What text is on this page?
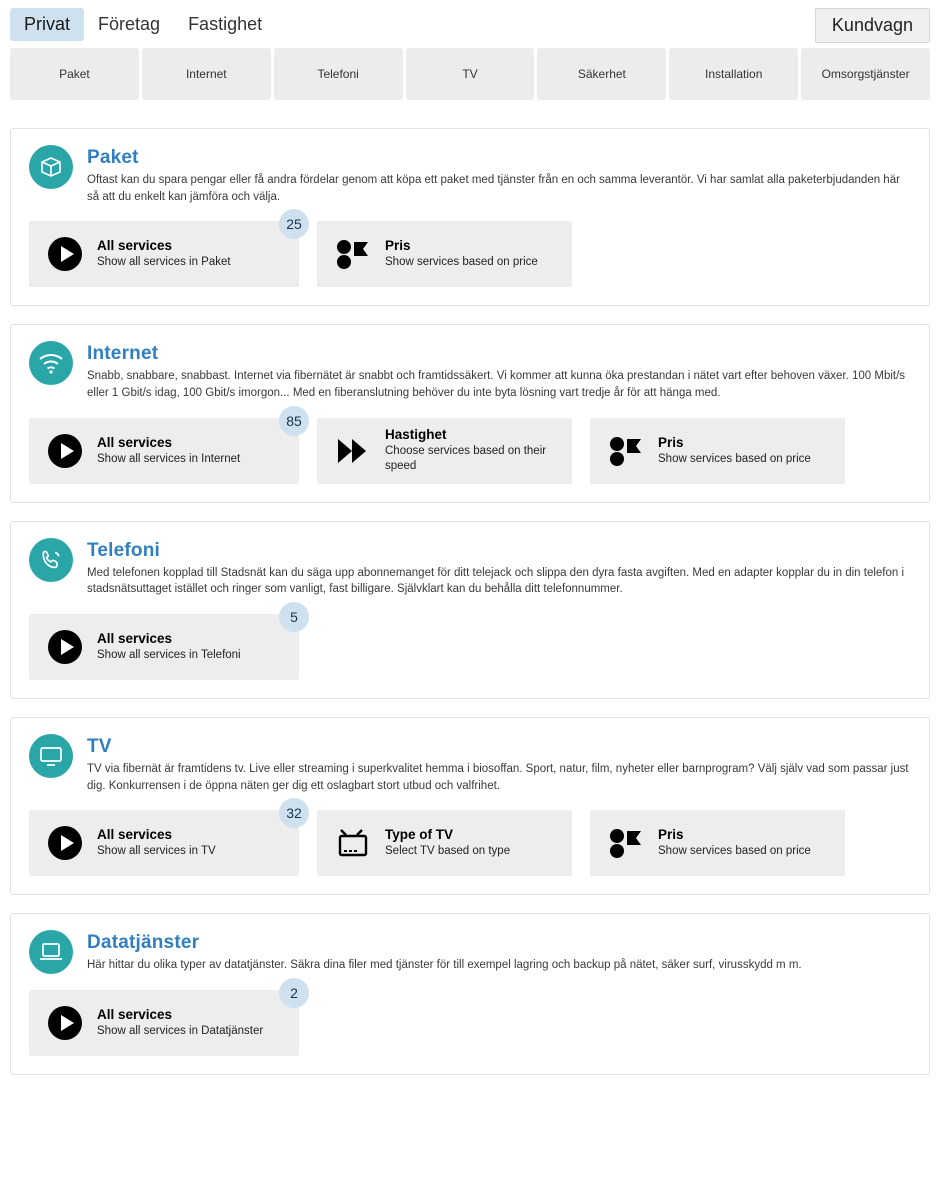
Privat	Företag	Fastighet	Kundvagn
Paket	Internet	Telefoni	TV	Säkerhet	Installation	Omsorgstjänster
Paket

Oftast kan du spara pengar eller få andra fördelar genom att köpa ett paket med tjänster från en och samma leverantör. Vi har samlat alla paketerbjudanden här så att du enkelt kan jämföra och välja.

All services
Show all services in Paket
25
Pris
Show services based on price
Internet

Snabb, snabbare, snabbast. Internet via fibernätet är snabbt och framtidssäkert. Vi kommer att kunna öka prestandan i nätet vart efter behoven växer. 100 Mbit/s eller 1 Gbit/s idag, 100 Gbit/s imorgon... Med en fiberanslutning behöver du inte byta lösning vart tredje år för att hänga med.

All services
Show all services in Internet
85
Hastighet
Choose services based on their speed
Pris
Show services based on price
Telefoni

Med telefonen kopplad till Stadsnät kan du säga upp abonnemanget för ditt telejack och slippa den dyra fasta avgiften. Med en adapter kopplar du in din telefon i stadsnätsuttaget istället och ringer som vanligt, fast billigare. Självklart kan du behålla ditt telefonnummer.

All services
Show all services in Telefoni
5
TV

TV via fibernät är framtidens tv. Live eller streaming i superkvalitet hemma i biosoffan. Sport, natur, film, nyheter eller barnprogram? Välj själv vad som passar just dig. Konkurrensen i de öppna näten ger dig ett oslagbart stort utbud och valfrihet.

All services
Show all services in TV
32
Type of TV
Select TV based on type
Pris
Show services based on price
Datatjänster

Här hittar du olika typer av datatjänster. Säkra dina filer med tjänster för till exempel lagring och backup på nätet, säker surf, virusskydd m m.

All services
Show all services in Datatjänster
2
